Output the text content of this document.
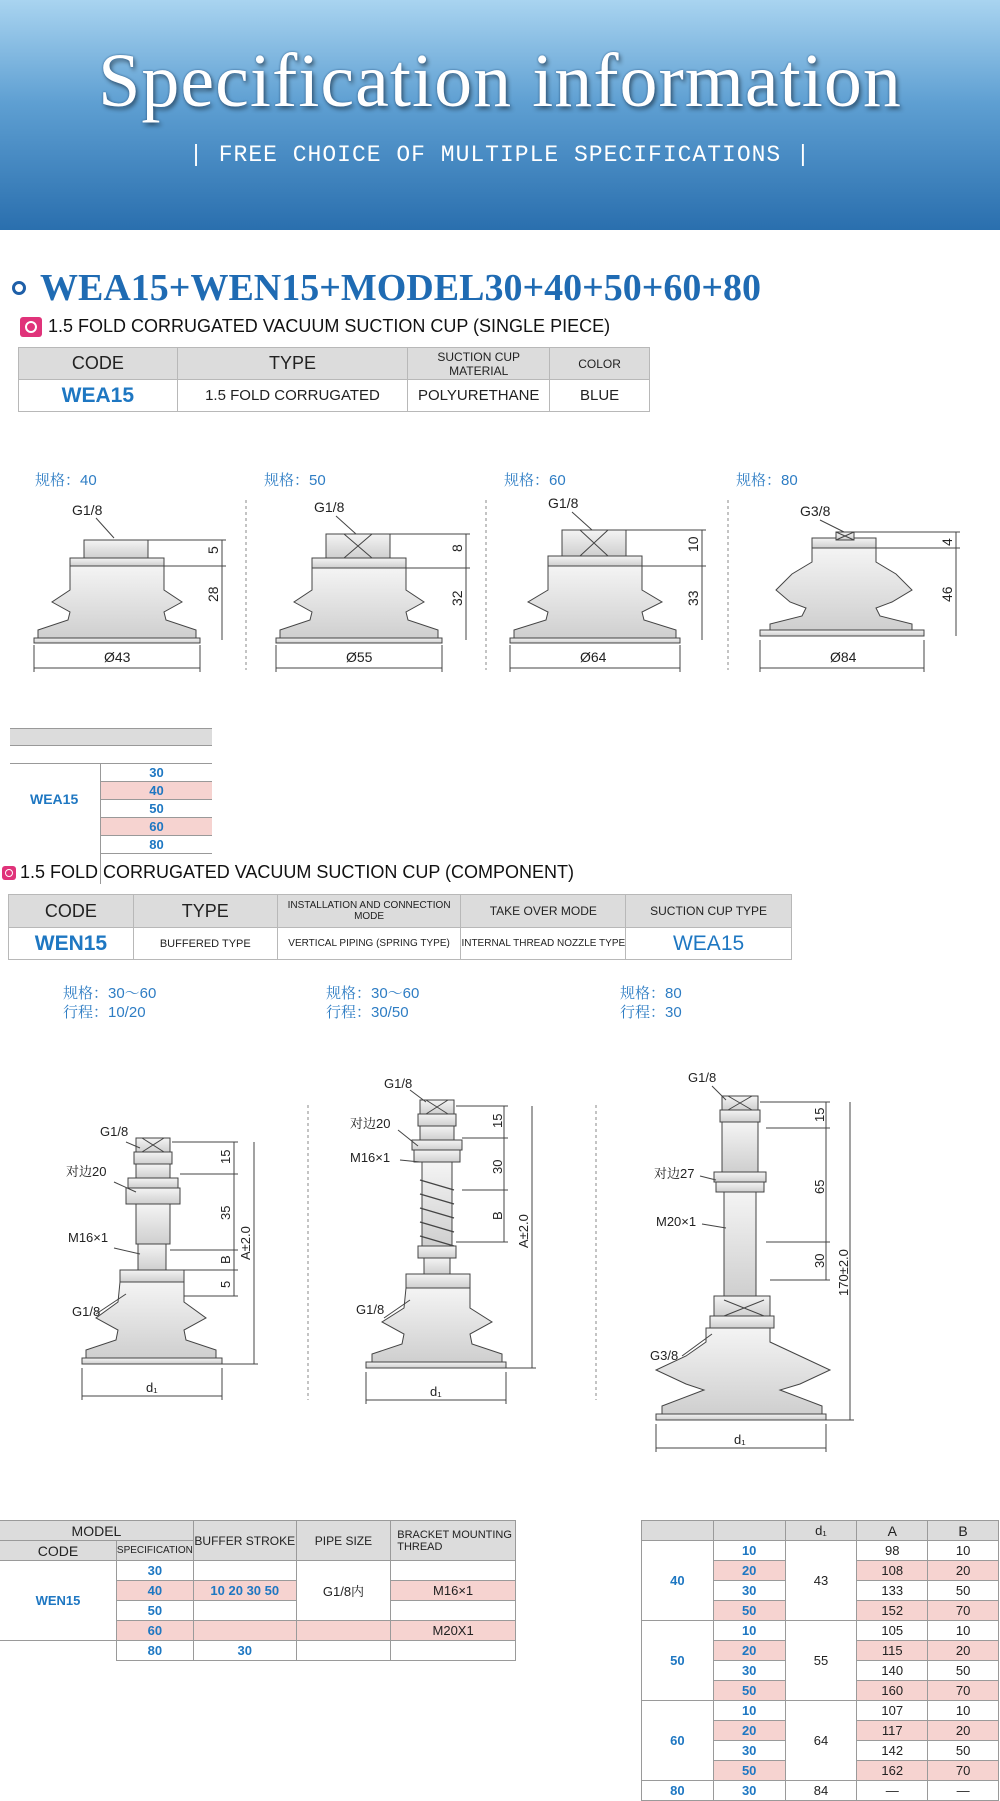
Specification information
| FREE CHOICE OF MULTIPLE SPECIFICATIONS |
WEA15+WEN15+MODEL30+40+50+60+80
1.5 FOLD CORRUGATED VACUUM SUCTION CUP (SINGLE PIECE)
CODE	TYPE	SUCTION CUP MATERIAL	COLOR
WEA15	1.5 FOLD CORRUGATED	POLYURETHANE	BLUE
规格：40	规格：50	规格：60	规格：80
G1/8
Ø43
5
28
G1/8
Ø55
8
32
G1/8
Ø64
10
33
G3/8
Ø84
4
46
WEA15
30
40
50
60
80
1.5 FOLD CORRUGATED VACUUM SUCTION CUP (COMPONENT)
CODE	TYPE	INSTALLATION AND CONNECTION MODE	TAKE OVER MODE	SUCTION CUP TYPE
WEN15	BUFFERED TYPE	VERTICAL PIPING (SPRING TYPE)	INTERNAL THREAD NOZZLE TYPE	WEA15
规格：30～60
行程：10/20
规格：30～60
行程：30/50
规格：80
行程：30
G1/8
对边20
M16×1
G1/8
d₁
15
35
B
5
A±2.0
G1/8
对边20
M16×1
G1/8
d₁
15
30
B A±2.0
G1/8
对边27
M20×1
G3/8
d₁
15
65
30 170±2.0
MODEL		BUFFER STROKE	PIPE SIZE	BRACKET MOUNTING THREAD
CODE	SPECIFICATION			
WEN15	30		G1/8内	
	40	10 20 30 50		M16×1
	50			
	60			M20X1
	80	30		
		d₁	A	B
40	10	43	98	10
	20		108	20
	30		133	50
	50		152	70
50	10	55	105	10
	20		115	20
	30		140	50
	50		160	70
60	10	64	107	10
	20		117	20
	30		142	50
	50		162	70
80	30	84	—	—
